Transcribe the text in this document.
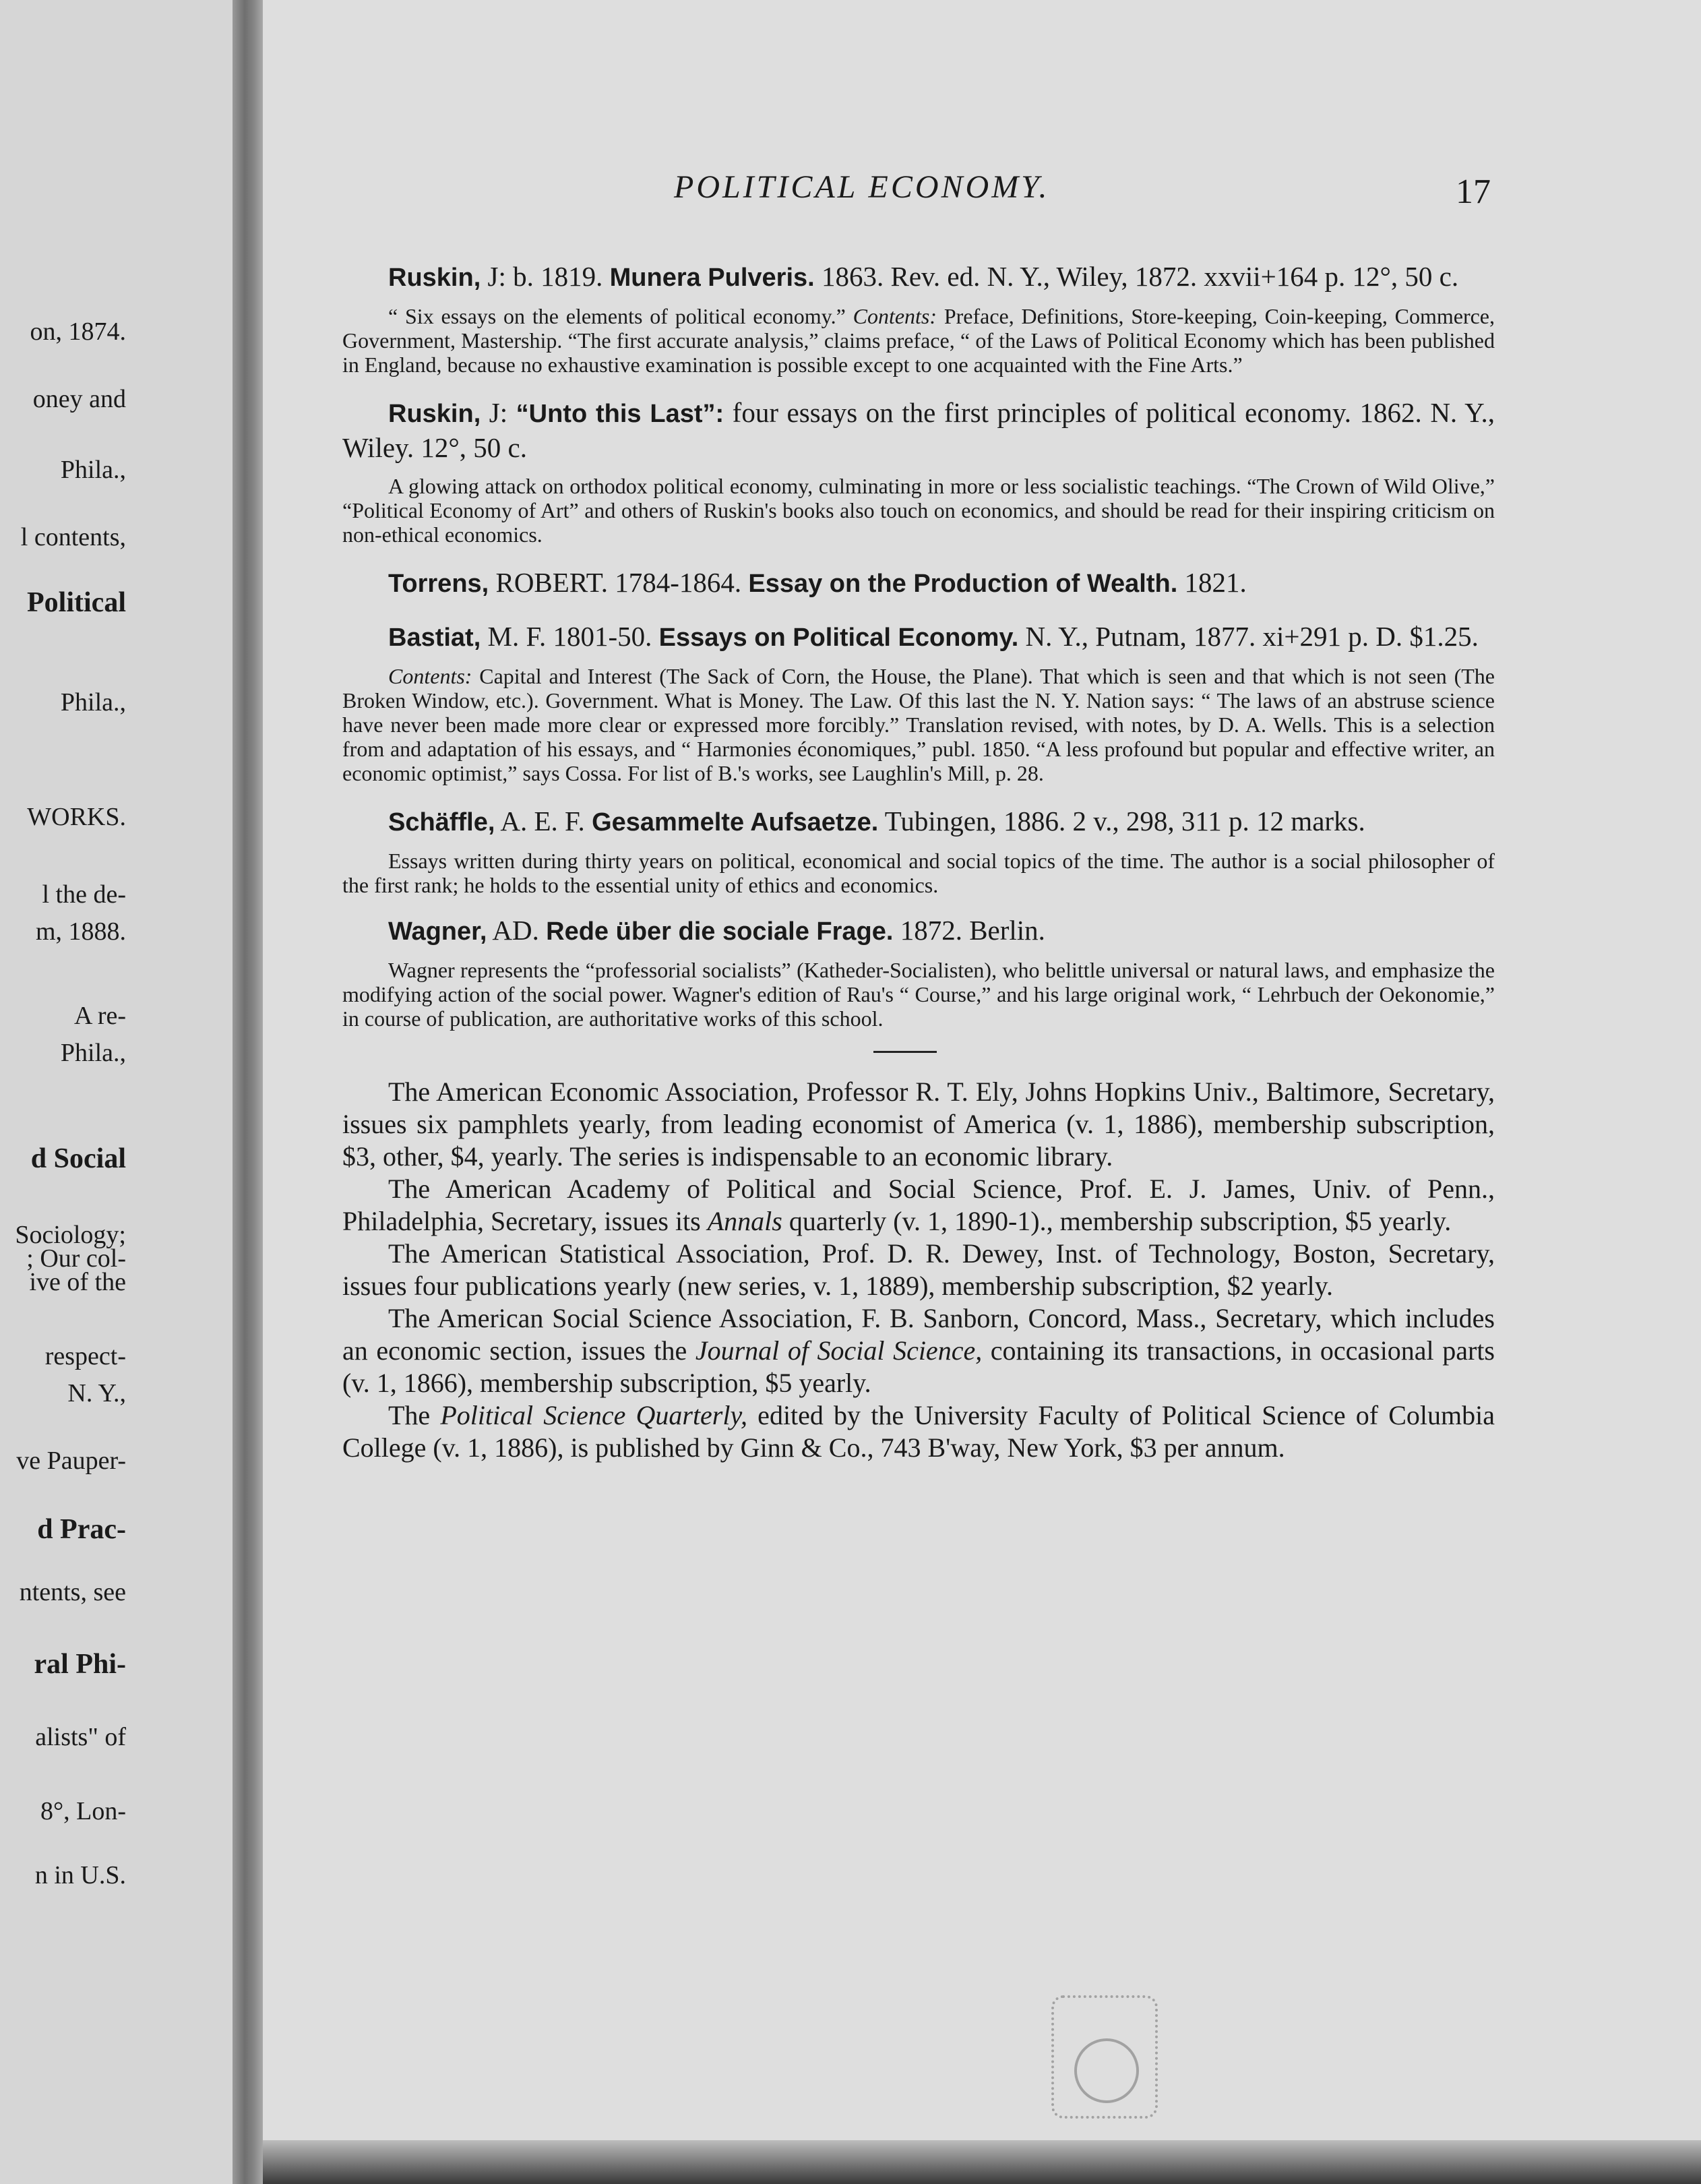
on, 1874.
oney and
Phila.,
l contents,
Political
Phila.,
WORKS.
l the de-
m, 1888.
A re-
Phila.,
d Social
Sociology;
; Our col-
ive of the
respect-
N. Y.,
ve Pauper-
d Prac-
ntents, see
ral Phi-
alists" of
8°, Lon-
n in U.S.
POLITICAL ECONOMY.	17

Ruskin, J: b. 1819. Munera Pulveris. 1863. Rev. ed. N. Y., Wiley, 1872. xxvii+164 p. 12°, 50 c.

“ Six essays on the elements of political economy.” Contents: Preface, Definitions, Store-keeping, Coin-keeping, Commerce, Government, Mastership. “The first accurate analysis,” claims preface, “ of the Laws of Political Economy which has been published in England, because no exhaustive examination is possible except to one acquainted with the Fine Arts.”

Ruskin, J: “Unto this Last”: four essays on the first principles of political economy. 1862. N. Y., Wiley. 12°, 50 c.

A glowing attack on orthodox political economy, culminating in more or less socialistic teachings. “The Crown of Wild Olive,” “Political Economy of Art” and others of Ruskin's books also touch on economics, and should be read for their inspiring criticism on non-ethical economics.

Torrens, ROBERT. 1784-1864. Essay on the Production of Wealth. 1821.

Bastiat, M. F. 1801-50. Essays on Political Economy. N. Y., Putnam, 1877. xi+291 p. D. $1.25.

Contents: Capital and Interest (The Sack of Corn, the House, the Plane). That which is seen and that which is not seen (The Broken Window, etc.). Government. What is Money. The Law. Of this last the N. Y. Nation says: “ The laws of an abstruse science have never been made more clear or expressed more forcibly.” Translation revised, with notes, by D. A. Wells. This is a selection from and adaptation of his essays, and “ Harmonies économiques,” publ. 1850. “A less profound but popular and effective writer, an economic optimist,” says Cossa. For list of B.'s works, see Laughlin's Mill, p. 28.

Schäffle, A. E. F. Gesammelte Aufsaetze. Tubingen, 1886. 2 v., 298, 311 p. 12 marks.

Essays written during thirty years on political, economical and social topics of the time. The author is a social philosopher of the first rank; he holds to the essential unity of ethics and economics.

Wagner, AD. Rede über die sociale Frage. 1872. Berlin.

Wagner represents the “professorial socialists” (Katheder-Socialisten), who belittle universal or natural laws, and emphasize the modifying action of the social power. Wagner's edition of Rau's “ Course,” and his large original work, “ Lehrbuch der Oekonomie,” in course of publication, are authoritative works of this school.

The American Economic Association, Professor R. T. Ely, Johns Hopkins Univ., Baltimore, Secretary, issues six pamphlets yearly, from leading economist of America (v. 1, 1886), membership subscription, $3, other, $4, yearly. The series is indispensable to an economic library.

The American Academy of Political and Social Science, Prof. E. J. James, Univ. of Penn., Philadelphia, Secretary, issues its Annals quarterly (v. 1, 1890-1)., membership subscription, $5 yearly.

The American Statistical Association, Prof. D. R. Dewey, Inst. of Technology, Boston, Secretary, issues four publications yearly (new series, v. 1, 1889), membership subscription, $2 yearly.

The American Social Science Association, F. B. Sanborn, Concord, Mass., Secretary, which includes an economic section, issues the Journal of Social Science, containing its transactions, in occasional parts (v. 1, 1866), membership subscription, $5 yearly.

The Political Science Quarterly, edited by the University Faculty of Political Science of Columbia College (v. 1, 1886), is published by Ginn & Co., 743 B'way, New York, $3 per annum.
